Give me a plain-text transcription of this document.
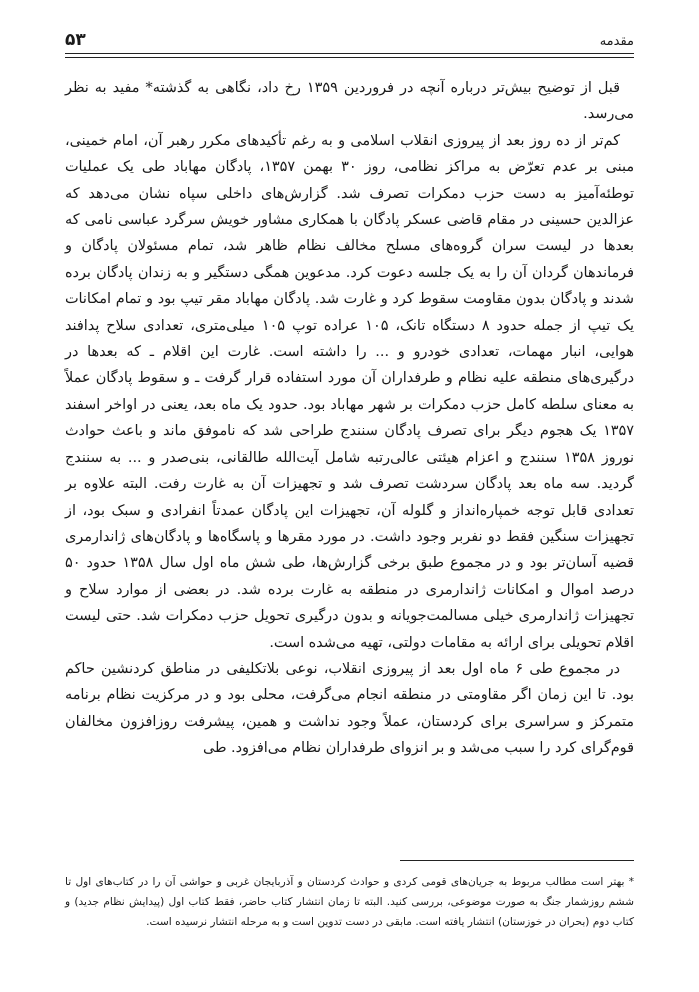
مقدمه
۵۳

قبل از توضیح بیش‌تر درباره آنچه در فروردین ۱۳۵۹ رخ داد، نگاهی به گذشته* مفید به نظر می‌رسد.

کم‌تر از ده روز بعد از پیروزی انقلاب اسلامی و به رغم تأکیدهای مکرر رهبر آن، امام خمینی، مبنی بر عدم تعرّض به مراکز نظامی، روز ۳۰ بهمن ۱۳۵۷، پادگان مهاباد طی یک عملیات توطئه‌آمیز به دست حزب دمکرات تصرف شد. گزارش‌های داخلی سپاه نشان می‌دهد که عزالدین حسینی در مقام قاضی عسکر پادگان با همکاری مشاور خویش سرگرد عباسی نامی که بعدها در لیست سران گروه‌های مسلح مخالف نظام ظاهر شد، تمام مسئولان پادگان و فرماندهان گردان آن را به یک جلسه دعوت کرد. مدعوین همگی دستگیر و به زندان پادگان برده شدند و پادگان بدون مقاومت سقوط کرد و غارت شد. پادگان مهاباد مقر تیپ بود و تمام امکانات یک تیپ از جمله حدود ۸ دستگاه تانک، ۱۰۵ عراده توپ ۱۰۵ میلی‌متری، تعدادی سلاح پدافند هوایی، انبار مهمات، تعدادی خودرو و ... را داشته است. غارت این اقلام ـ که بعدها در درگیری‌های منطقه علیه نظام و طرفداران آن مورد استفاده قرار گرفت ـ و سقوط پادگان عملاً به معنای سلطه کامل حزب دمکرات بر شهر مهاباد بود. حدود یک ماه بعد، یعنی در اواخر اسفند ۱۳۵۷ یک هجوم دیگر برای تصرف پادگان سنندج طراحی شد که ناموفق ماند و باعث حوادث نوروز ۱۳۵۸ سنندج و اعزام هیئتی عالی‌رتبه شامل آیت‌الله طالقانی، بنی‌صدر و ... به سنندج گردید. سه ماه بعد پادگان سردشت تصرف شد و تجهیزات آن به غارت رفت. البته علاوه بر تعدادی قابل توجه خمپاره‌انداز و گلوله آن، تجهیزات این پادگان عمدتاً انفرادی و سبک بود، از تجهیزات سنگین فقط دو نفربر وجود داشت. در مورد مقرها و پاسگاه‌ها و پادگان‌های ژاندارمری قضیه آسان‌تر بود و در مجموع طبق برخی گزارش‌ها، طی شش ماه اول سال ۱۳۵۸ حدود ۵۰ درصد اموال و امکانات ژاندارمری در منطقه به غارت برده شد. در بعضی از موارد سلاح و تجهیزات ژاندارمری خیلی مسالمت‌جویانه و بدون درگیری تحویل حزب دمکرات شد. حتی لیست اقلام تحویلی برای ارائه به مقامات دولتی، تهیه می‌شده است.

در مجموع طی ۶ ماه اول بعد از پیروزی انقلاب، نوعی بلاتکلیفی در مناطق کردنشین حاکم بود. تا این زمان اگر مقاومتی در منطقه انجام می‌گرفت، محلی بود و در مرکزیت نظام برنامه متمرکز و سراسری برای کردستان، عملاً وجود نداشت و همین، پیشرفت روزافزون مخالفان قوم‌گرای کرد را سبب می‌شد و بر انزوای طرفداران نظام می‌افزود. طی

* بهتر است مطالب مربوط به جریان‌های قومی کردی و حوادث کردستان و آذربایجان غربی و حواشی آن را در کتاب‌های اول تا ششم روزشمار جنگ به صورت موضوعی، بررسی کنید. البته تا زمان انتشار کتاب حاضر، فقط کتاب اول (پیدایش نظام جدید) و کتاب دوم (بحران در خوزستان) انتشار یافته است. مابقی در دست تدوین است و به مرحله انتشار نرسیده است.
